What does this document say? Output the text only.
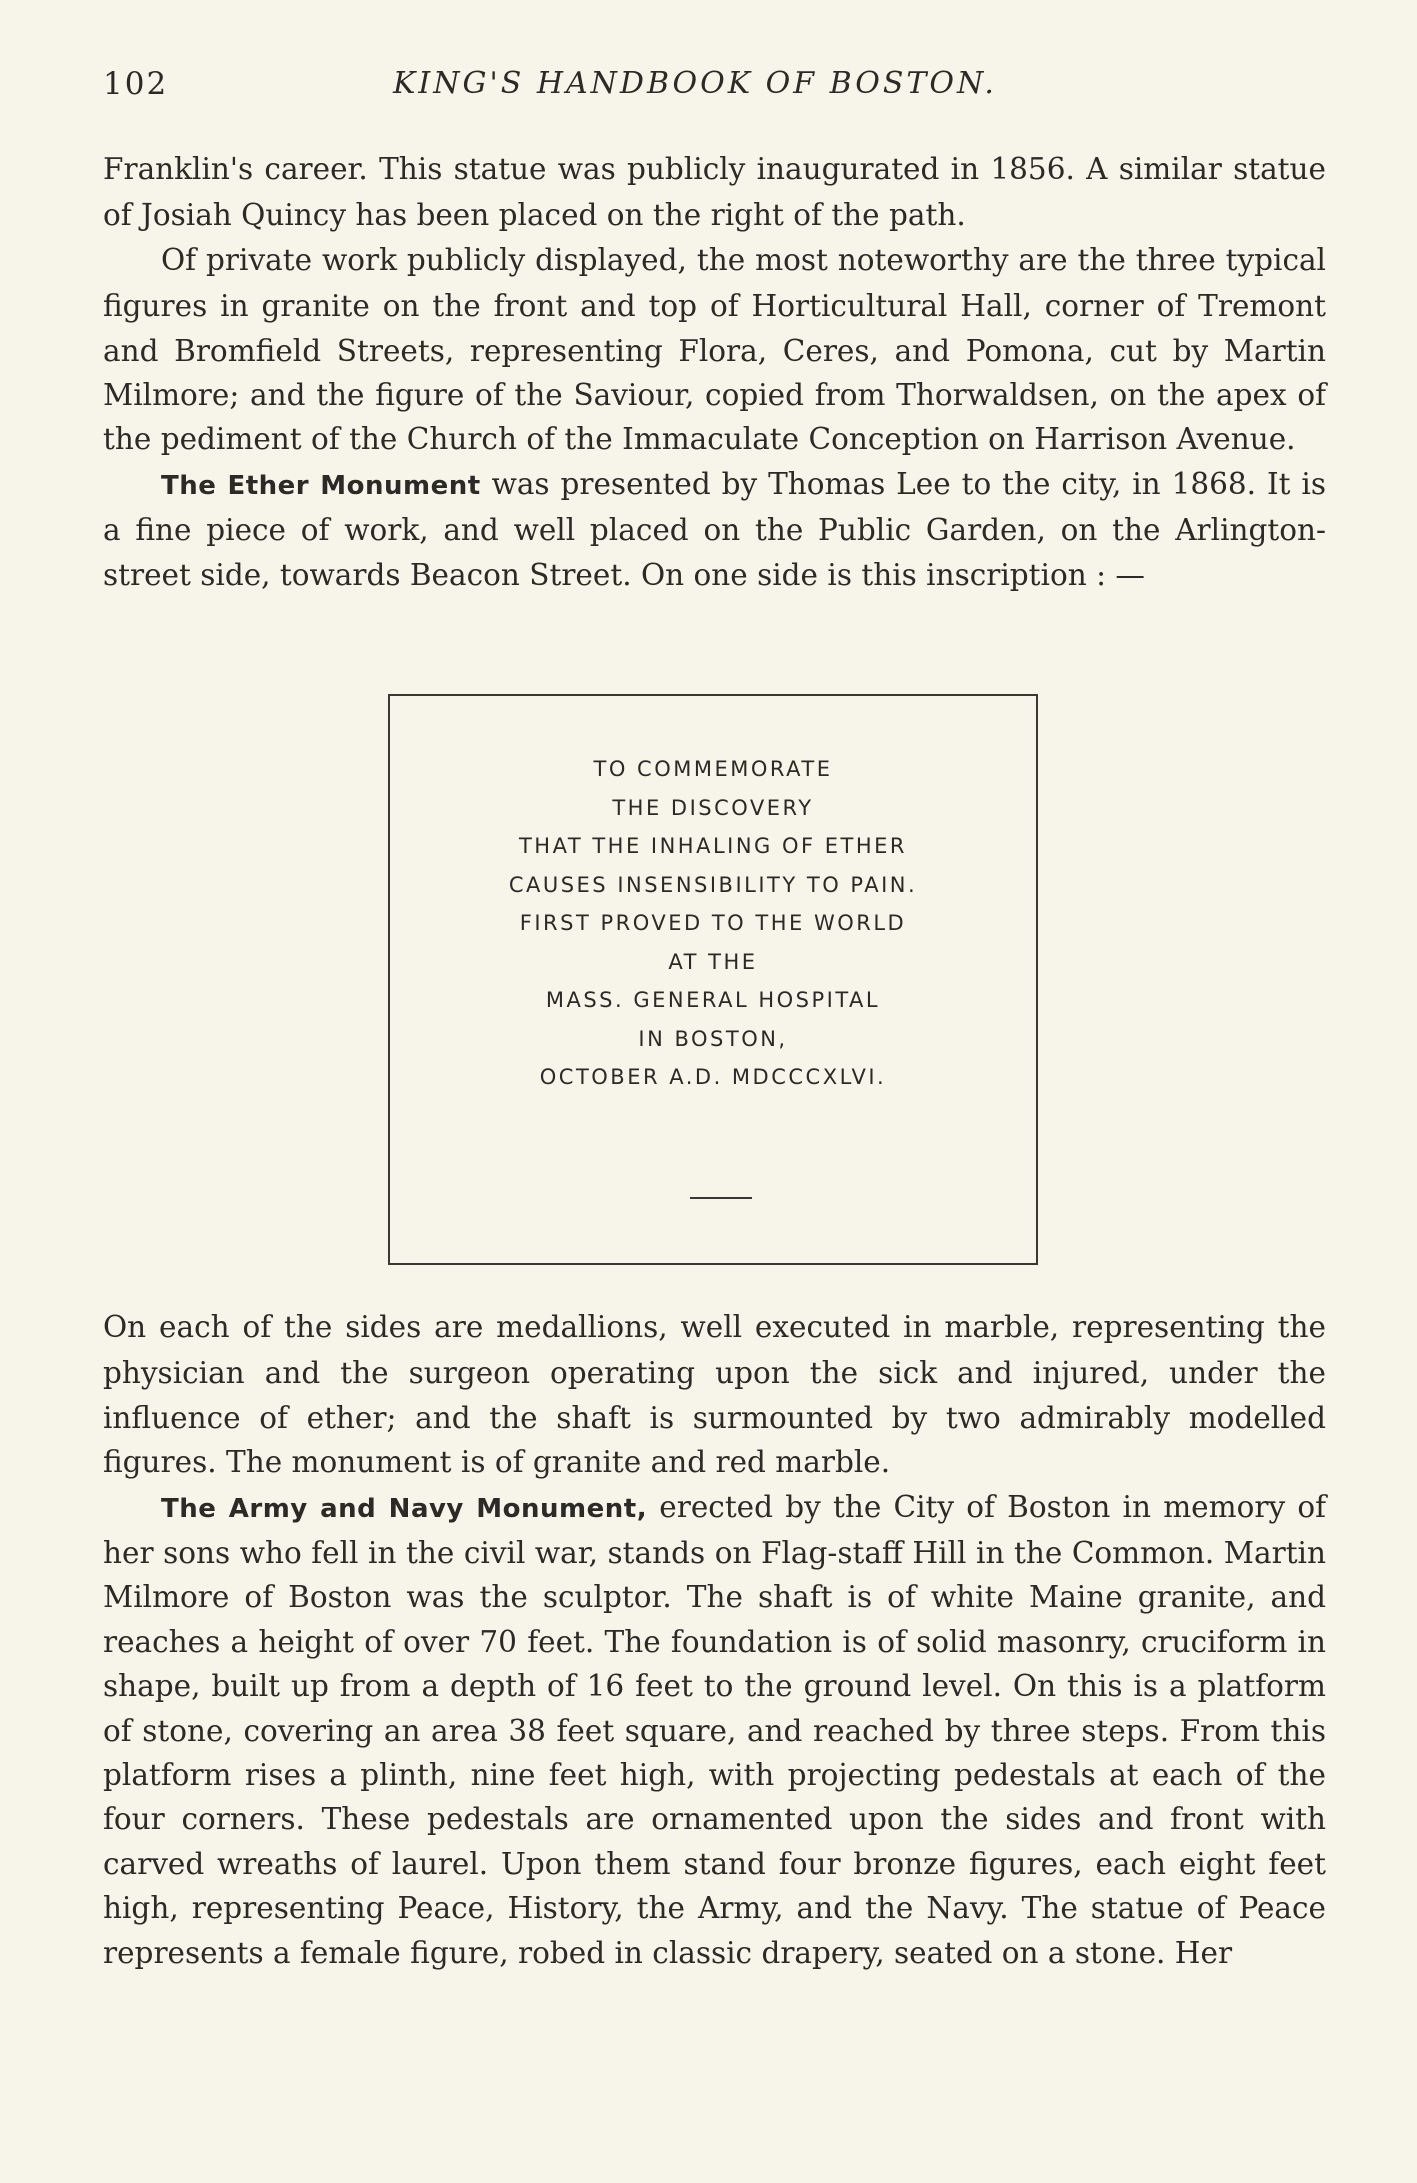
102	KING'S HANDBOOK OF BOSTON.

Franklin's career. This statue was publicly inaugurated in 1856. A similar statue of Josiah Quincy has been placed on the right of the path.

Of private work publicly displayed, the most noteworthy are the three typical figures in granite on the front and top of Horticultural Hall, corner of Tremont and Bromfield Streets, representing Flora, Ceres, and Pomona, cut by Martin Milmore; and the figure of the Saviour, copied from Thorwaldsen, on the apex of the pediment of the Church of the Immaculate Conception on Harrison Avenue.

The Ether Monument was presented by Thomas Lee to the city, in 1868. It is a fine piece of work, and well placed on the Public Garden, on the Arlington-street side, towards Beacon Street. On one side is this inscription : —

TO COMMEMORATE
THE DISCOVERY
THAT THE INHALING OF ETHER
CAUSES INSENSIBILITY TO PAIN.
FIRST PROVED TO THE WORLD
AT THE
MASS. GENERAL HOSPITAL
IN BOSTON,
OCTOBER A.D. MDCCCXLVI.

On each of the sides are medallions, well executed in marble, representing the physician and the surgeon operating upon the sick and injured, under the influence of ether; and the shaft is surmounted by two admirably modelled figures. The monument is of granite and red marble.

The Army and Navy Monument, erected by the City of Boston in memory of her sons who fell in the civil war, stands on Flag-staff Hill in the Common. Martin Milmore of Boston was the sculptor. The shaft is of white Maine granite, and reaches a height of over 70 feet. The foundation is of solid masonry, cruciform in shape, built up from a depth of 16 feet to the ground level. On this is a platform of stone, covering an area 38 feet square, and reached by three steps. From this platform rises a plinth, nine feet high, with projecting pedestals at each of the four corners. These pedestals are ornamented upon the sides and front with carved wreaths of laurel. Upon them stand four bronze figures, each eight feet high, representing Peace, History, the Army, and the Navy. The statue of Peace represents a female figure, robed in classic drapery, seated on a stone. Her
